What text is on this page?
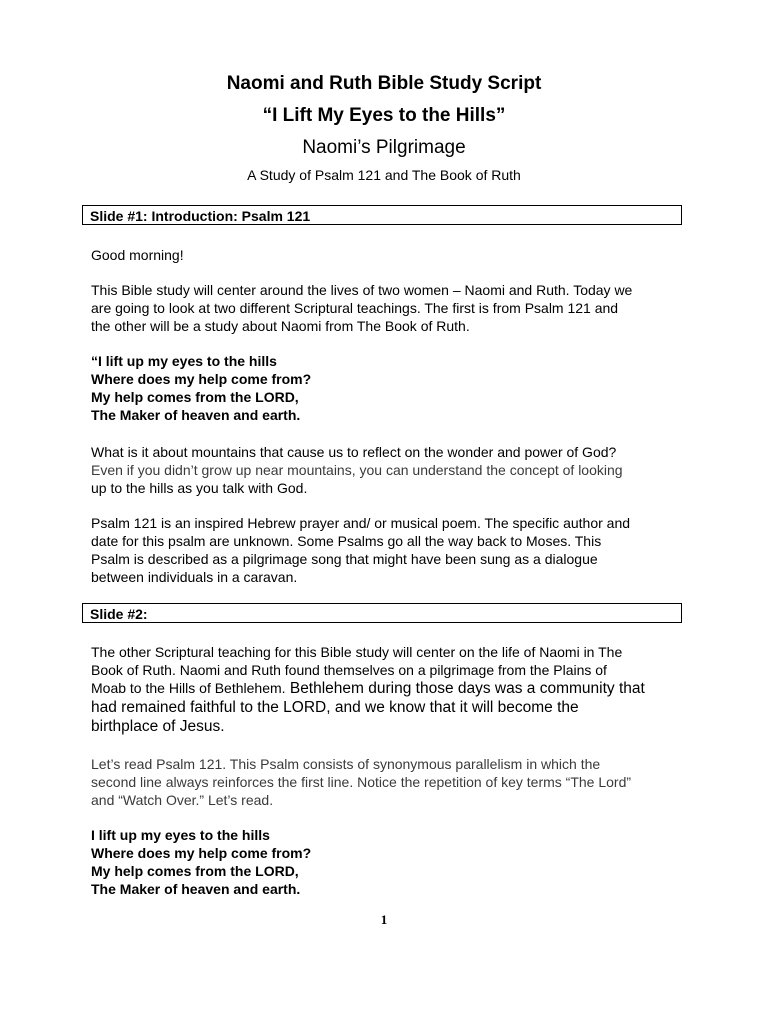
Naomi and Ruth Bible Study Script
“I Lift My Eyes to the Hills”
Naomi’s Pilgrimage

A Study of Psalm 121 and The Book of Ruth

Slide #1: Introduction: Psalm 121

Good morning!

This Bible study will center around the lives of two women – Naomi and Ruth. Today we
are going to look at two different Scriptural teachings. The first is from Psalm 121 and
the other will be a study about Naomi from The Book of Ruth.

“I lift up my eyes to the hills
Where does my help come from?
My help comes from the LORD,
The Maker of heaven and earth.

What is it about mountains that cause us to reflect on the wonder and power of God?
Even if you didn’t grow up near mountains, you can understand the concept of looking
up to the hills as you talk with God.

Psalm 121 is an inspired Hebrew prayer and/ or musical poem. The specific author and
date for this psalm are unknown. Some Psalms go all the way back to Moses. This
Psalm is described as a pilgrimage song that might have been sung as a dialogue
between individuals in a caravan.

Slide #2:

The other Scriptural teaching for this Bible study will center on the life of Naomi in The
Book of Ruth. Naomi and Ruth found themselves on a pilgrimage from the Plains of
Moab to the Hills of Bethlehem. Bethlehem during those days was a community that
had remained faithful to the LORD, and we know that it will become the
birthplace of Jesus.

Let’s read Psalm 121. This Psalm consists of synonymous parallelism in which the
second line always reinforces the first line. Notice the repetition of key terms “The Lord”
and “Watch Over.” Let’s read.

I lift up my eyes to the hills
Where does my help come from?
My help comes from the LORD,
The Maker of heaven and earth.

1
